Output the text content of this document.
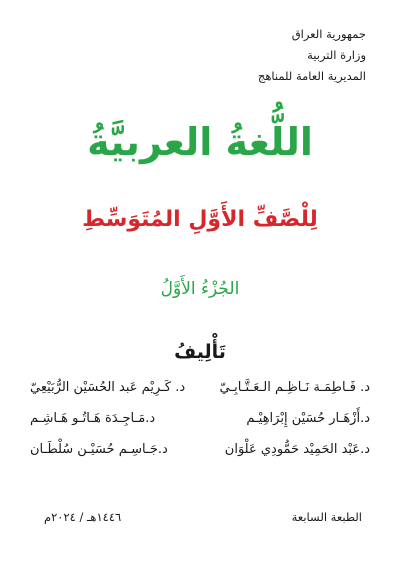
جمهورية العراق
وزارة التربية
المديرية العامة للمناهج
اللُّغةُ العربيَّةُ
لِلْصَّفِّ الأَوَّلِ المُتَوَسِّطِ
الجُزْءُ الأَوَّلُ
تَأْلِيفُ
د. فَـاطِمَـة نَـاظِـم الـعَـتَّـابِـيّ
د. كَـرِيْم عَبد الحُسَيْن الرُّبَيْعِيّ
د.أَزْهَـار حُسَيْن إِبْرَاهِيْـم
د.مَـاجِـدَة هَـاتُـو هَـاشِـم
د.عَبْد الحَمِيْد حَمُّودِي عَلْوَان
د.جَـاسِـم حُسَيْـن سُلْطَـان
الطبعة السابعة
١٤٤٦هـ / ٢٠٢٤م
